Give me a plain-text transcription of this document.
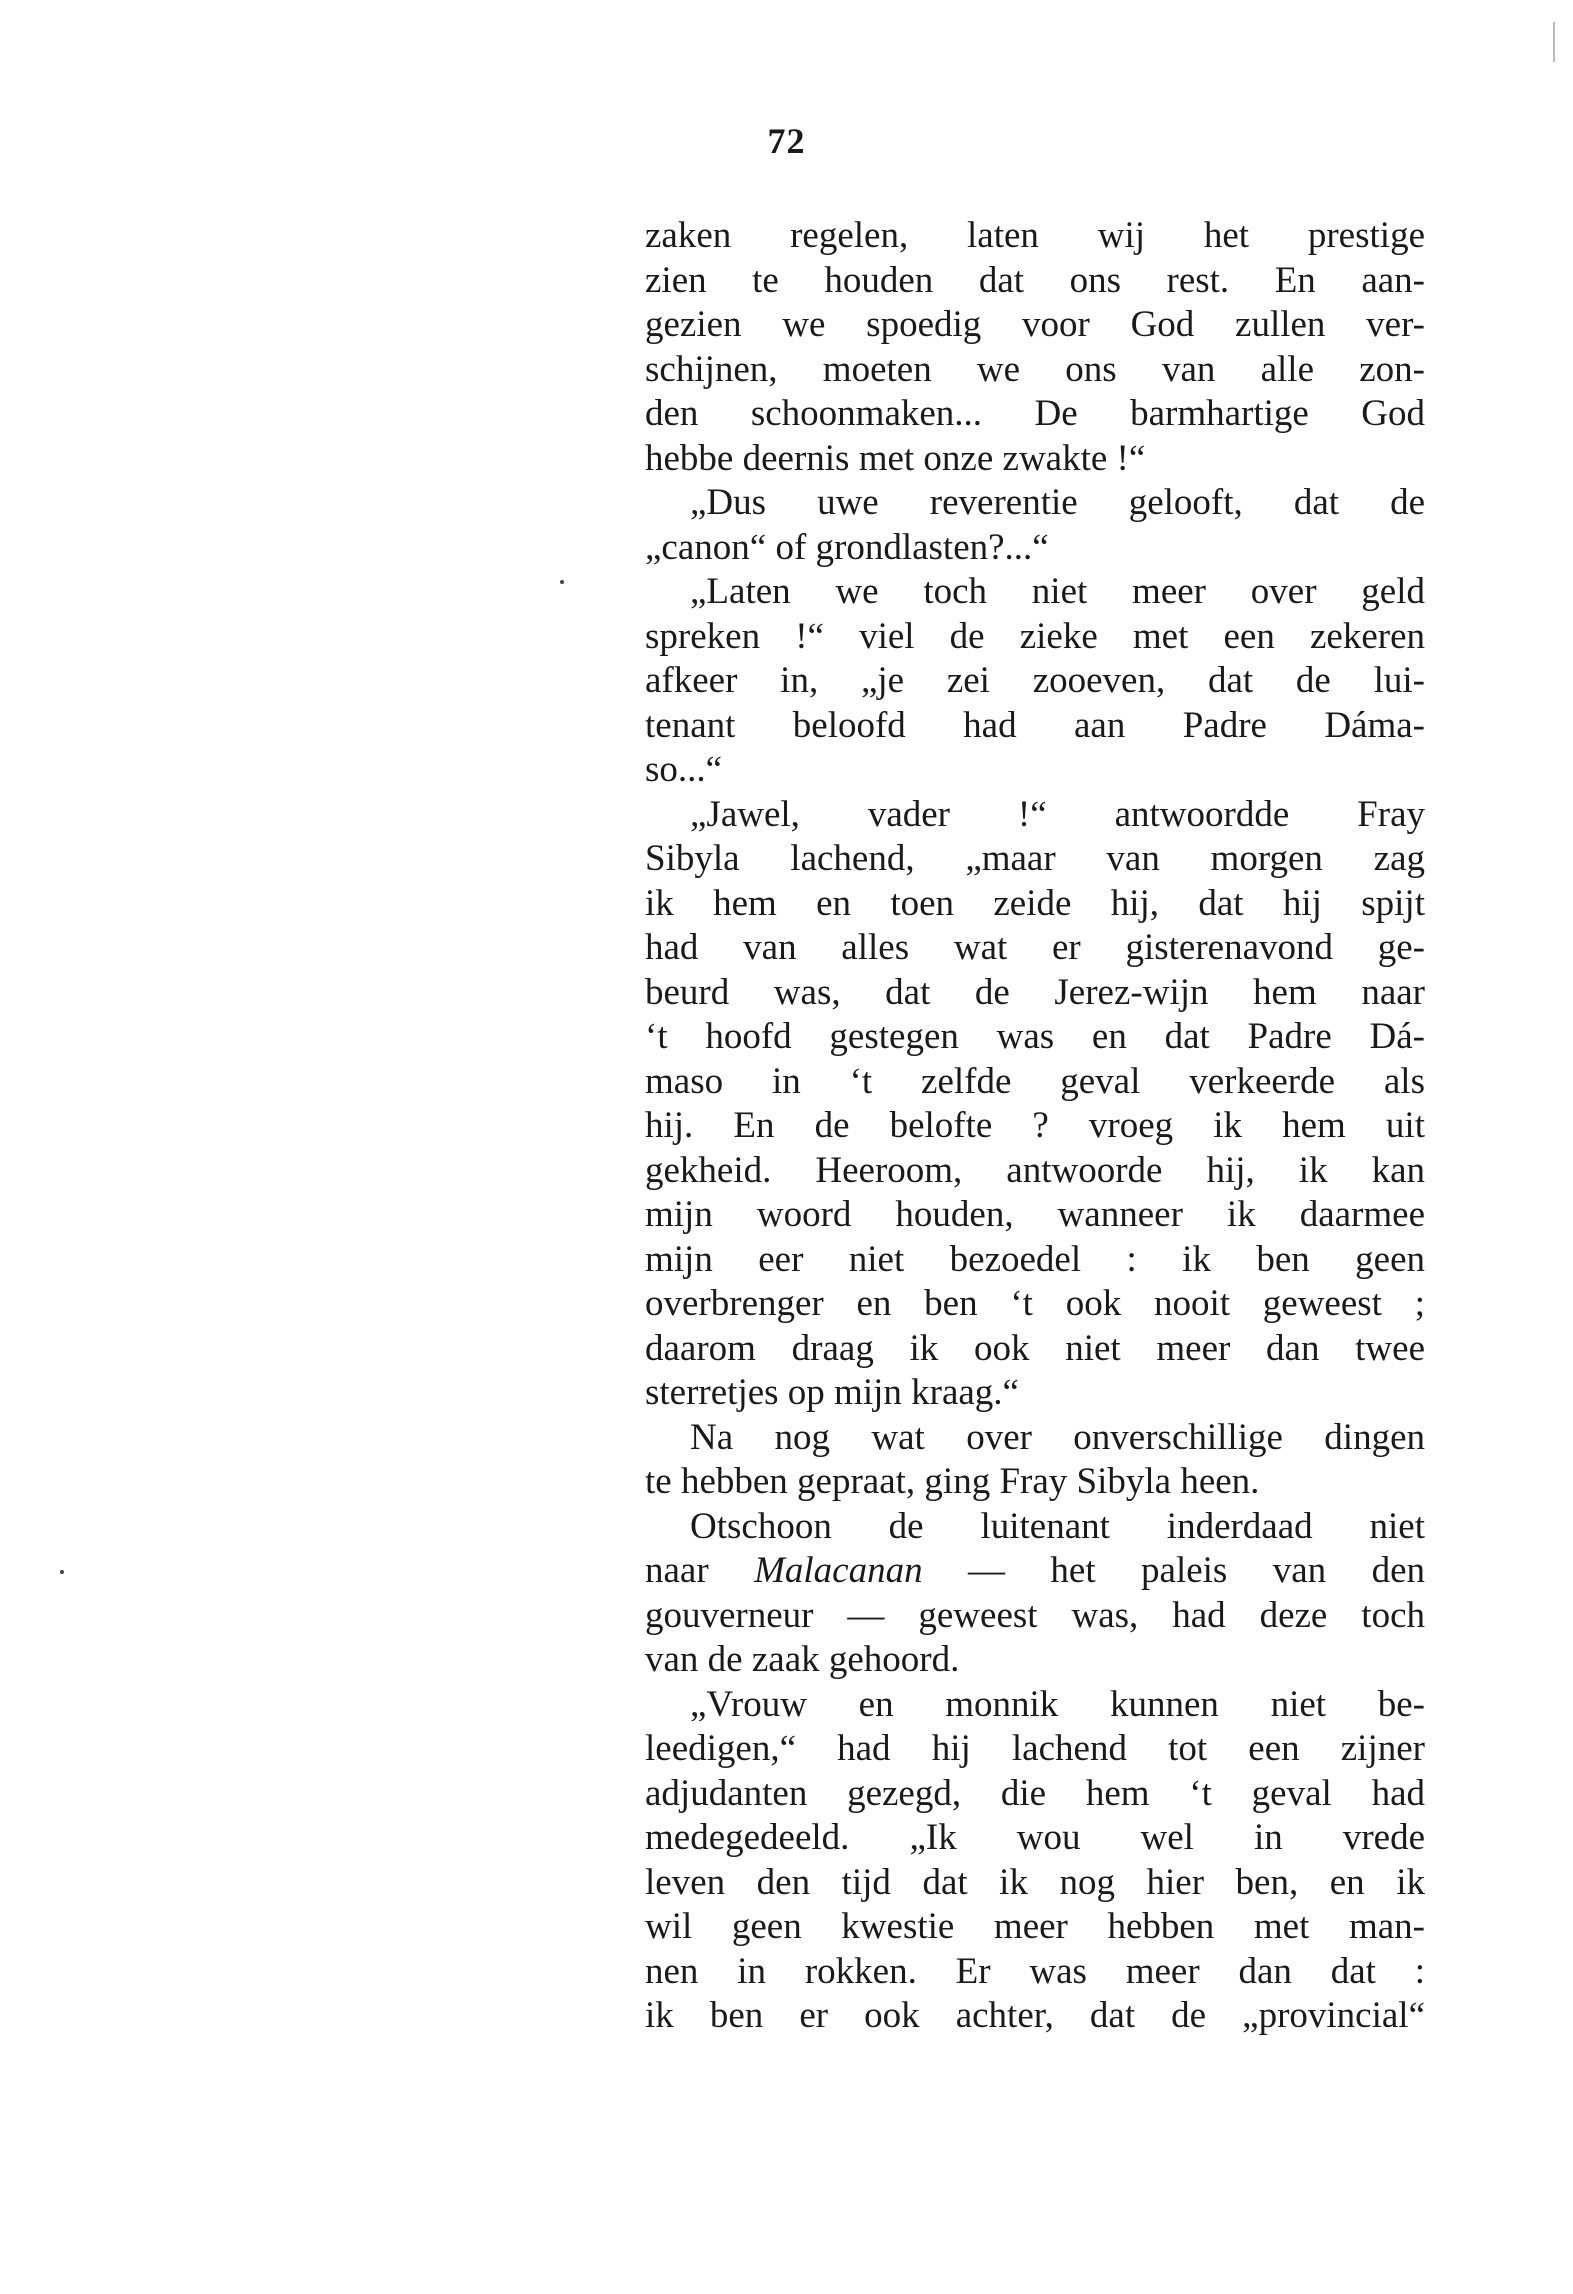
72
zaken regelen, laten wij het prestige
zien te houden dat ons rest. En aan-
gezien we spoedig voor God zullen ver-
schijnen, moeten we ons van alle zon-
den schoonmaken... De barmhartige God
hebbe deernis met onze zwakte !“
„Dus uwe reverentie gelooft, dat de
„canon“ of grondlasten?...“
„Laten we toch niet meer over geld
spreken !“ viel de zieke met een zekeren
afkeer in, „je zei zooeven, dat de lui-
tenant beloofd had aan Padre Dáma-
so...“
„Jawel, vader !“ antwoordde Fray
Sibyla lachend, „maar van morgen zag
ik hem en toen zeide hij, dat hij spijt
had van alles wat er gisterenavond ge-
beurd was, dat de Jerez-wijn hem naar
‘t hoofd gestegen was en dat Padre Dá-
maso in ‘t zelfde geval verkeerde als
hij. En de belofte ? vroeg ik hem uit
gekheid. Heeroom, antwoorde hij, ik kan
mijn woord houden, wanneer ik daarmee
mijn eer niet bezoedel : ik ben geen
overbrenger en ben ‘t ook nooit geweest ;
daarom draag ik ook niet meer dan twee
sterretjes op mijn kraag.“
Na nog wat over onverschillige dingen
te hebben gepraat, ging Fray Sibyla heen.
Otschoon de luitenant inderdaad niet
naar Malacanan — het paleis van den
gouverneur — geweest was, had deze toch
van de zaak gehoord.
„Vrouw en monnik kunnen niet be-
leedigen,“ had hij lachend tot een zijner
adjudanten gezegd, die hem ‘t geval had
medegedeeld. „Ik wou wel in vrede
leven den tijd dat ik nog hier ben, en ik
wil geen kwestie meer hebben met man-
nen in rokken. Er was meer dan dat :
ik ben er ook achter, dat de „provincial“
